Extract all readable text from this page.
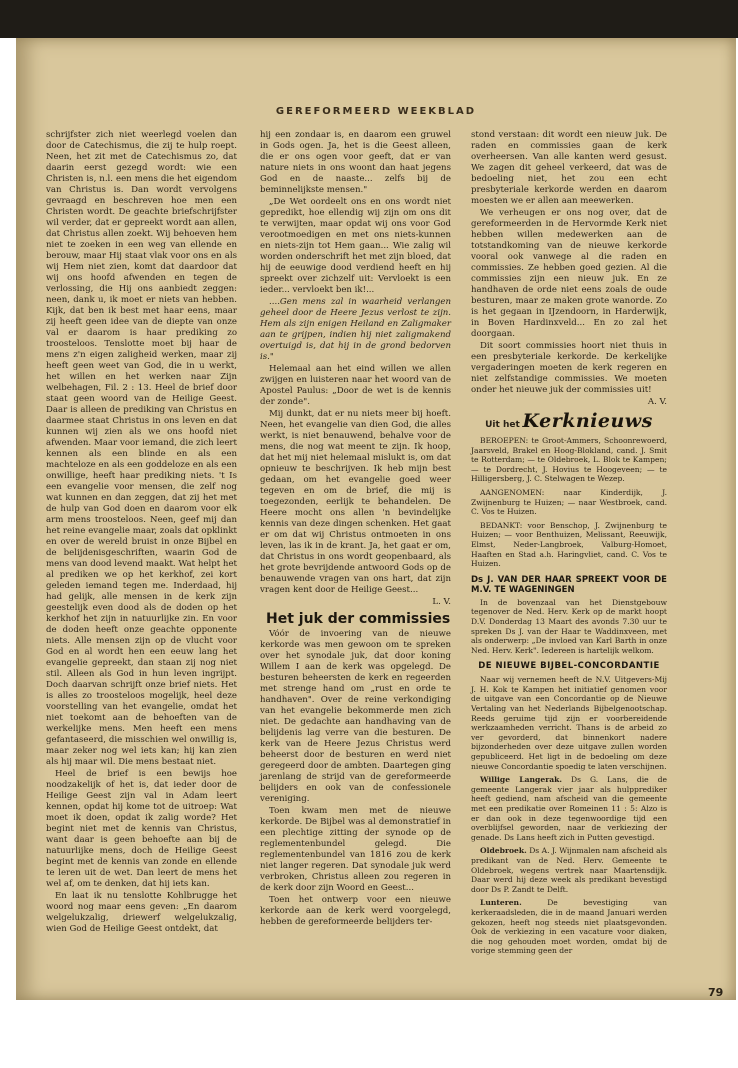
GEREFORMEERD WEEKBLAD

schrijfster zich niet weerlegd voelen dan door de Catechismus, die zij te hulp roept. Neen, het zit met de Catechismus zo, dat daarin eerst gezegd wordt: wie een Christen is, n.l. een mens die het eigendom van Christus is. Dan wordt vervolgens gevraagd en beschreven hoe men een Christen wordt. De geachte briefschrijfster wil verder, dat er gepreekt wordt aan allen, dat Christus allen zoekt. Wij behoeven hem niet te zoeken in een weg van ellende en berouw, maar Hij staat vlak voor ons en als wij Hem niet zien, komt dat daardoor dat wij ons hoofd afwenden en tegen de verlossing, die Hij ons aanbiedt zeggen: neen, dank u, ik moet er niets van hebben. Kijk, dat ben ik best met haar eens, maar zij heeft geen idee van de diepte van onze val er daarom is haar prediking zo troosteloos. Tenslotte moet bij haar de mens z'n eigen zaligheid werken, maar zij heeft geen weet van God, die in u werkt, het willen en het werken naar Zijn welbehagen, Fil. 2 : 13. Heel de brief door staat geen woord van de Heilige Geest. Daar is alleen de prediking van Christus en daarmee staat Christus in ons leven en dat kunnen wij zien als we ons hoofd niet afwenden. Maar voor iemand, die zich leert kennen als een blinde en als een machteloze en als een goddeloze en als een onwillige, heeft haar prediking niets. 't Is een evangelie voor mensen, die zelf nog wat kunnen en dan zeggen, dat zij het met de hulp van God doen en daarom voor elk arm mens troosteloos. Neen, geef mij dan het reine evangelie maar, zoals dat opklinkt en over de wereld bruist in onze Bijbel en de belijdenisgeschriften, waarin God de mens van dood levend maakt. Wat helpt het al prediken we op het kerkhof, zei kort geleden iemand tegen me. Inderdaad, hij had gelijk, alle mensen in de kerk zijn geestelijk even dood als de doden op het kerkhof het zijn in natuurlijke zin. En voor de doden heeft onze geachte opponente niets. Alle mensen zijn op de vlucht voor God en al wordt hen een eeuw lang het evangelie gepreekt, dan staan zij nog niet stil. Alleen als God in hun leven ingrijpt. Doch daarvan schrijft onze brief niets. Het is alles zo troosteloos mogelijk, heel deze voorstelling van het evangelie, omdat het niet toekomt aan de behoeften van de werkelijke mens. Men heeft een mens gefantaseerd, die misschien wel onwillig is, maar zeker nog wel iets kan; hij kan zien als hij maar wil. Die mens bestaat niet.

Heel de brief is een bewijs hoe noodzakelijk of het is, dat ieder door de Heilige Geest zijn val in Adam leert kennen, opdat hij kome tot de uitroep: Wat moet ik doen, opdat ik zalig worde? Het begint niet met de kennis van Christus, want daar is geen behoefte aan bij de natuurlijke mens, doch de Heilige Geest begint met de kennis van zonde en ellende te leren uit de wet. Dan leert de mens het wel af, om te denken, dat hij iets kan.

En laat ik nu tenslotte Kohlbrugge het woord nog maar eens geven: „En daarom welgelukzalig, driewerf welgelukzalig, wien God de Heilige Geest ontdekt, dat

hij een zondaar is, en daarom een gruwel in Gods ogen. Ja, het is die Geest alleen, die er ons ogen voor geeft, dat er van nature niets in ons woont dan haat jegens God en de naaste... zelfs bij de beminnelijkste mensen."

„De Wet oordeelt ons en ons wordt niet gepredikt, hoe ellendig wij zijn om ons dit te verwijten, maar opdat wij ons voor God verootmoedigen en met ons niets-kunnen en niets-zijn tot Hem gaan... Wie zalig wil worden onderschrift het met zijn bloed, dat hij de eeuwige dood verdiend heeft en hij spreekt over zichzelf uit: Vervloekt is een ieder... vervloekt ben ik!...

....Gen mens zal in waarheid verlangen geheel door de Heere Jezus verlost te zijn. Hem als zijn enigen Heiland en Zaligmaker aan te grijpen, indien hij niet zaligmakend overtuigd is, dat hij in de grond bedorven is."

Helemaal aan het eind willen we allen zwijgen en luisteren naar het woord van de Apostel Paulus: „Door de wet is de kennis der zonde".

Mij dunkt, dat er nu niets meer bij hoeft. Neen, het evangelie van dien God, die alles werkt, is niet benauwend, behalve voor de mens, die nog wat meent te zijn. Ik hoop, dat het mij niet helemaal mislukt is, om dat opnieuw te beschrijven. Ik heb mijn best gedaan, om het evangelie goed weer tegeven en om de brief, die mij is toegezonden, eerlijk te behandelen. De Heere mocht ons allen 'n bevindelijke kennis van deze dingen schenken. Het gaat er om dat wij Christus ontmoeten in ons leven, las ik in de krant. Ja, het gaat er om, dat Christus in ons wordt geopenbaard, als het grote bevrijdende antwoord Gods op de benauwende vragen van ons hart, dat zijn vragen kent door de Heilige Geest...

L. V.

Het juk der commissies

Vóór de invoering van de nieuwe kerkorde was men gewoon om te spreken over het synodale juk, dat door koning Willem I aan de kerk was opgelegd. De besturen beheersten de kerk en regeerden met strenge hand om „rust en orde te handhaven". Over de reine verkondiging van het evangelie bekommerde men zich niet. De gedachte aan handhaving van de belijdenis lag verre van die besturen. De kerk van de Heere Jezus Christus werd beheerst door de besturen en werd niet geregeerd door de ambten. Daartegen ging jarenlang de strijd van de gereformeerde belijders en ook van de confessionele vereniging.

Toen kwam men met de nieuwe kerkorde. De Bijbel was al demonstratief in een plechtige zitting der synode op de reglementenbundel gelegd. Die reglementenbundel van 1816 zou de kerk niet langer regeren. Dat synodale juk werd verbroken, Christus alleen zou regeren in de kerk door zijn Woord en Geest...

Toen het ontwerp voor een nieuwe kerkorde aan de kerk werd voorgelegd, hebben de gereformeerde belijders ter-

stond verstaan: dit wordt een nieuw juk. De raden en commissies gaan de kerk overheersen. Van alle kanten werd gesust. We zagen dit geheel verkeerd, dat was de bedoeling niet, het zou een echt presbyteriale kerkorde werden en daarom moesten we er allen aan meewerken.

We verheugen er ons nog over, dat de gereformeerden in de Hervormde Kerk niet hebben willen medewerken aan de totstandkoming van de nieuwe kerkorde vooral ook vanwege al die raden en commissies. Ze hebben goed gezien. Al die commissies zijn een nieuw juk. En ze handhaven de orde niet eens zoals de oude besturen, maar ze maken grote wanorde. Zo is het gegaan in IJzendoorn, in Harderwijk, in Boven Hardinxveld... En zo zal het doorgaan.

Dit soort commissies hoort niet thuis in een presbyteriale kerkorde. De kerkelijke vergaderingen moeten de kerk regeren en niet zelfstandige commissies. We moeten onder het nieuwe juk der commissies uit!

A. V.

Uit het Kerknieuws

BEROEPEN: te Groot-Ammers, Schoonrewoerd, Jaarsveld, Brakel en Hoog-Blokland, cand. J. Smit te Rotterdam; — te Oldebroek, L. Blok te Kampen; — te Dordrecht, J. Hovius te Hoogeveen; — te Hilligersberg, J. C. Stelwagen te Wezep.

AANGENOMEN: naar Kinderdijk, J. Zwijnenburg te Huizen; — naar Westbroek, cand. C. Vos te Huizen.

BEDANKT: voor Benschop, J. Zwijnenburg te Huizen; — voor Benthuizen, Melissant, Reeuwijk, Elmst, Neder-Langbroek, Valburg-Homoet, Haaften en Stad a.h. Haringvliet, cand. C. Vos te Huizen.

Ds J. VAN DER HAAR SPREEKT VOOR DE M.V. TE WAGENINGEN

In de bovenzaal van het Dienstgebouw tegenover de Ned. Herv. Kerk op de markt hoopt D.V. Donderdag 13 Maart des avonds 7.30 uur te spreken Ds J. van der Haar te Waddinxveen, met als onderwerp: „De invloed van Karl Barth in onze Ned. Herv. Kerk". Iedereen is hartelijk welkom.

DE NIEUWE BIJBEL-CONCORDANTIE

Naar wij vernemen heeft de N.V. Uitgevers-Mij J. H. Kok te Kampen het initiatief genomen voor de uitgave van een Concordantie op de Nieuwe Vertaling van het Nederlands Bijbelgenootschap. Reeds geruime tijd zijn er voorbereidende werkzaamheden verricht. Thans is de arbeid zo ver gevorderd, dat binnenkort nadere bijzonderheden over deze uitgave zullen worden gepubliceerd. Het ligt in de bedoeling om deze nieuwe Concordantie spoedig te laten verschijnen.

Willige Langerak. Ds G. Lans, die de gemeente Langerak vier jaar als hulpprediker heeft gediend, nam afscheid van die gemeente met een predikatie over Romeinen 11 : 5: Alzo is er dan ook in deze tegenwoordige tijd een overblijfsel geworden, naar de verkiezing der genade. Ds Lans heeft zich in Putten gevestigd.

Oldebroek. Ds A. J. Wijnmalen nam afscheid als predikant van de Ned. Herv. Gemeente te Oldebroek, wegens vertrek naar Maartensdijk. Daar werd hij deze week als predikant bevestigd door Ds P. Zandt te Delft.

Lunteren. De bevestiging van kerkeraadsleden, die in de maand Januari werden gekozen, heeft nog steeds niet plaatsgevonden. Ook de verkiezing in een vacature voor diaken, die nog gehouden moet worden, omdat bij de vorige stemming geen der

79
